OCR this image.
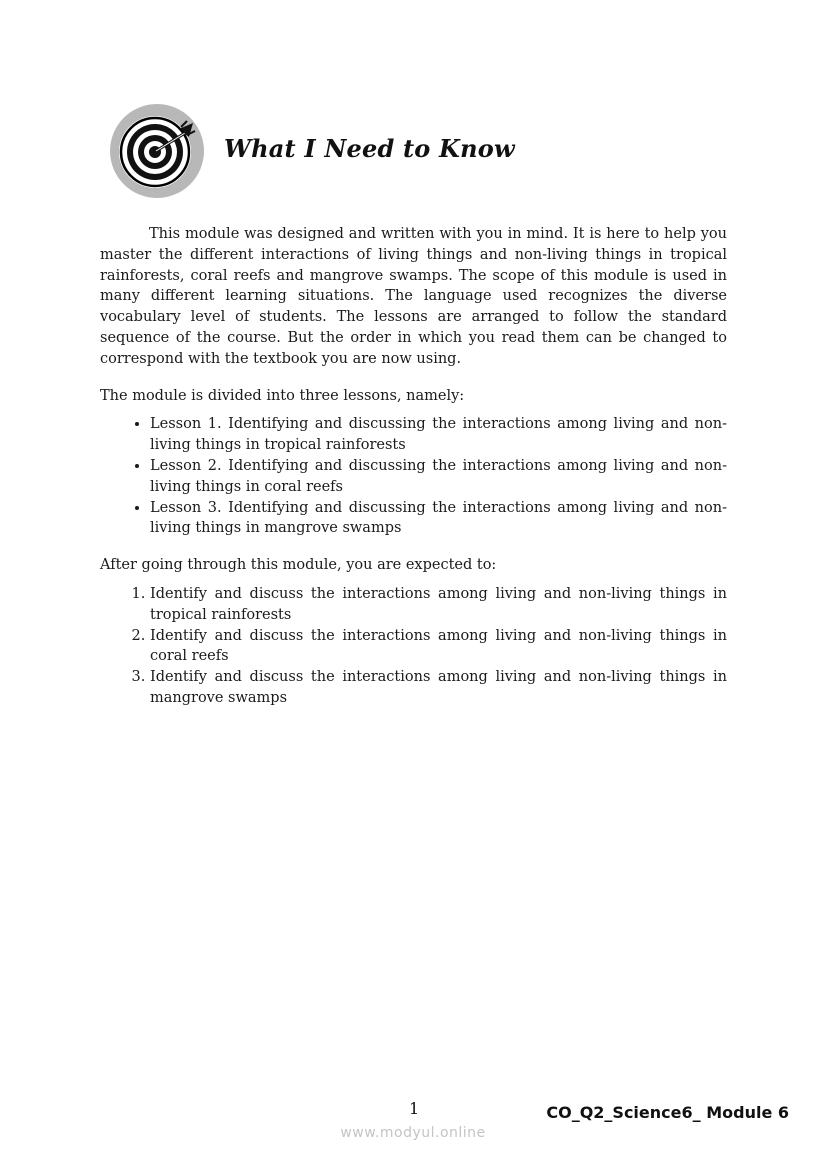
What I Need to Know

This module was designed and written with you in mind. It is here to help you master the different interactions of living things and non-living things in tropical rainforests, coral reefs and mangrove swamps. The scope of this module is used in many different learning situations. The language used recognizes the diverse vocabulary level of students. The lessons are arranged to follow the standard sequence of the course. But the order in which you read them can be changed to correspond with the textbook you are now using.

The module is divided into three lessons, namely:

• Lesson 1. Identifying and discussing the interactions among living and non-living things in tropical rainforests
• Lesson 2. Identifying and discussing the interactions among living and non-living things in coral reefs
• Lesson 3. Identifying and discussing the interactions among living and non-living things in mangrove swamps

After going through this module, you are expected to:

1. Identify and discuss the interactions among living and non-living things in tropical rainforests
2. Identify and discuss the interactions among living and non-living things in coral reefs
3. Identify and discuss the interactions among living and non-living things in mangrove swamps
1	CO_Q2_Science6_ Module 6
www.modyul.online
